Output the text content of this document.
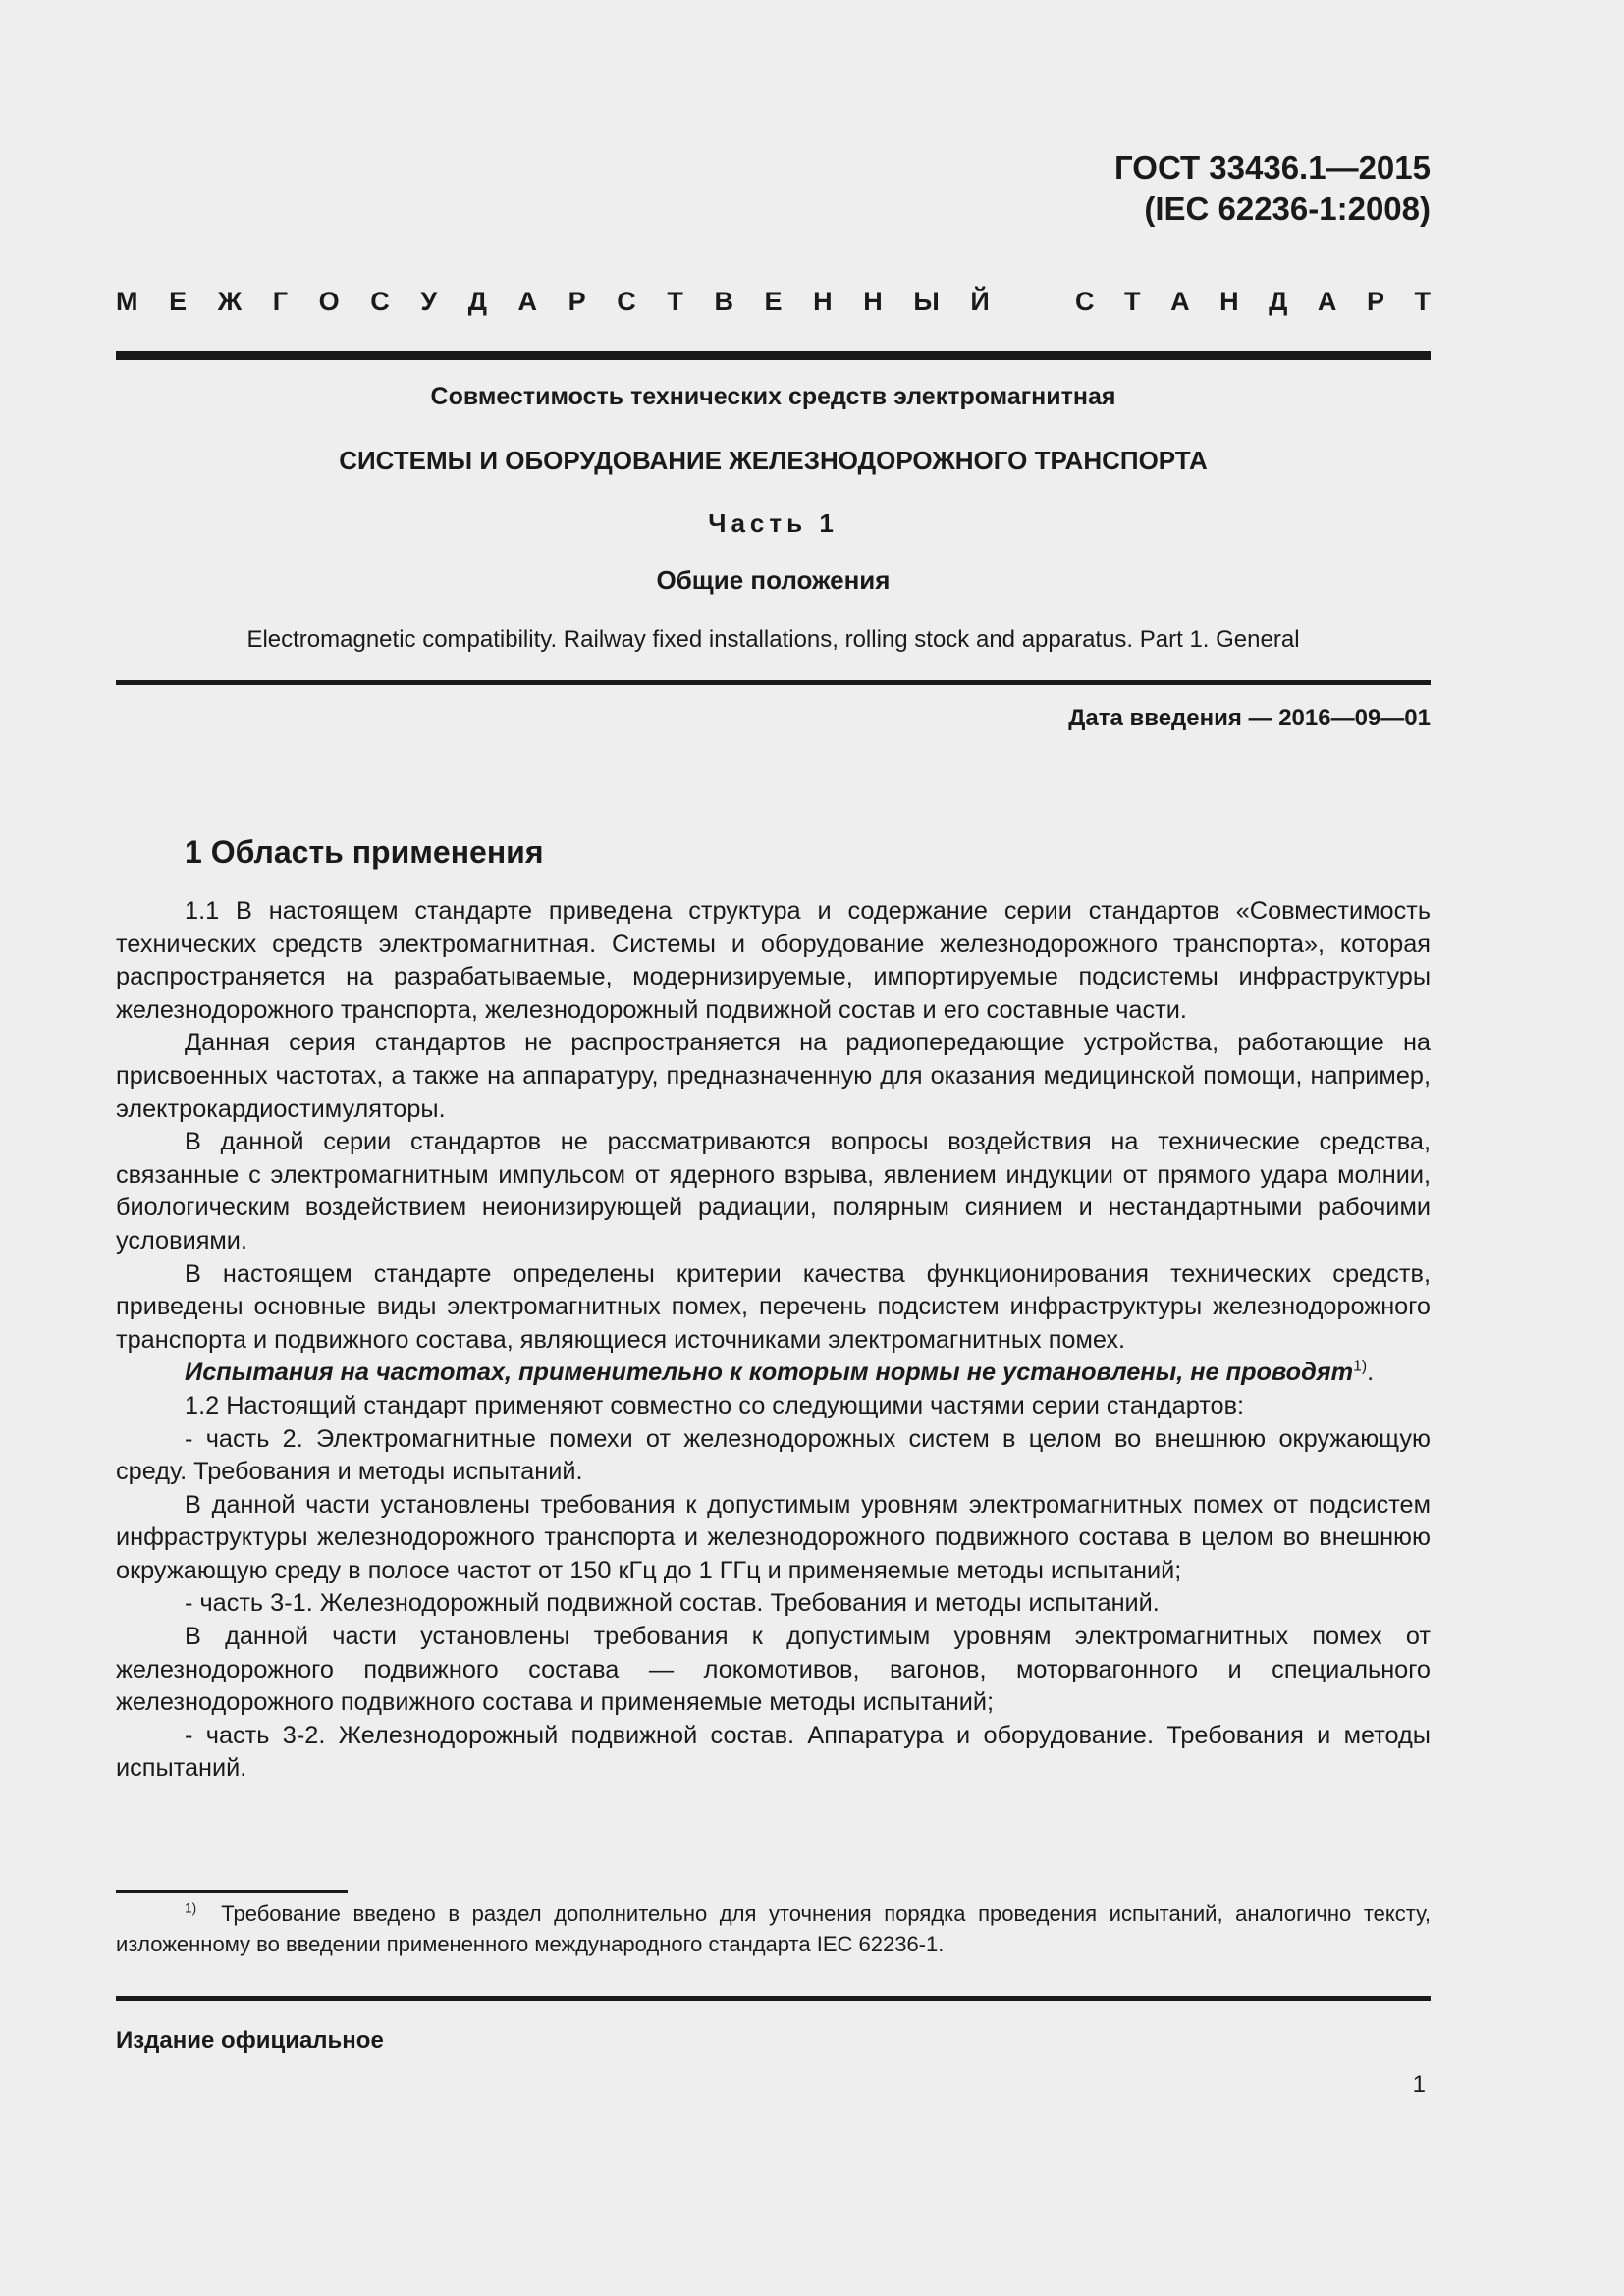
ГОСТ 33436.1—2015
(IEC 62236-1:2008)
М Е Ж Г О С У Д А Р С Т В Е Н Н Ы Й	С Т А Н Д А Р Т
Совместимость технических средств электромагнитная
СИСТЕМЫ И ОБОРУДОВАНИЕ ЖЕЛЕЗНОДОРОЖНОГО ТРАНСПОРТА
Часть 1
Общие положения
Electromagnetic compatibility. Railway fixed installations, rolling stock and apparatus. Part 1. General
Дата введения — 2016—09—01
1 Область применения

1.1 В настоящем стандарте приведена структура и содержание серии стандартов «Совместимость технических средств электромагнитная. Системы и оборудование железнодорожного транспорта», которая распространяется на разрабатываемые, модернизируемые, импортируемые подсистемы инфраструктуры железнодорожного транспорта, железнодорожный подвижной состав и его составные части.

Данная серия стандартов не распространяется на радиопередающие устройства, работающие на присвоенных частотах, а также на аппаратуру, предназначенную для оказания медицинской помощи, например, электрокардиостимуляторы.

В данной серии стандартов не рассматриваются вопросы воздействия на технические средства, связанные с электромагнитным импульсом от ядерного взрыва, явлением индукции от прямого удара молнии, биологическим воздействием неионизирующей радиации, полярным сиянием и нестандартными рабочими условиями.

В настоящем стандарте определены критерии качества функционирования технических средств, приведены основные виды электромагнитных помех, перечень подсистем инфраструктуры железнодорожного транспорта и подвижного состава, являющиеся источниками электромагнитных помех.

Испытания на частотах, применительно к которым нормы не установлены, не проводят$^{1)}$.

1.2 Настоящий стандарт применяют совместно со следующими частями серии стандартов:

- часть 2. Электромагнитные помехи от железнодорожных систем в целом во внешнюю окружающую среду. Требования и методы испытаний.

В данной части установлены требования к допустимым уровням электромагнитных помех от подсистем инфраструктуры железнодорожного транспорта и железнодорожного подвижного состава в целом во внешнюю окружающую среду в полосе частот от 150 кГц до 1 ГГц и применяемые методы испытаний;

- часть 3-1. Железнодорожный подвижной состав. Требования и методы испытаний.

В данной части установлены требования к допустимым уровням электромагнитных помех от железнодорожного подвижного состава — локомотивов, вагонов, моторвагонного и специального железнодорожного подвижного состава и применяемые методы испытаний;

- часть 3-2. Железнодорожный подвижной состав. Аппаратура и оборудование. Требования и методы испытаний.

$^{1)}$ Требование введено в раздел дополнительно для уточнения порядка проведения испытаний, аналогично тексту, изложенному во введении примененного международного стандарта IEC 62236-1.

Издание официальное
1
